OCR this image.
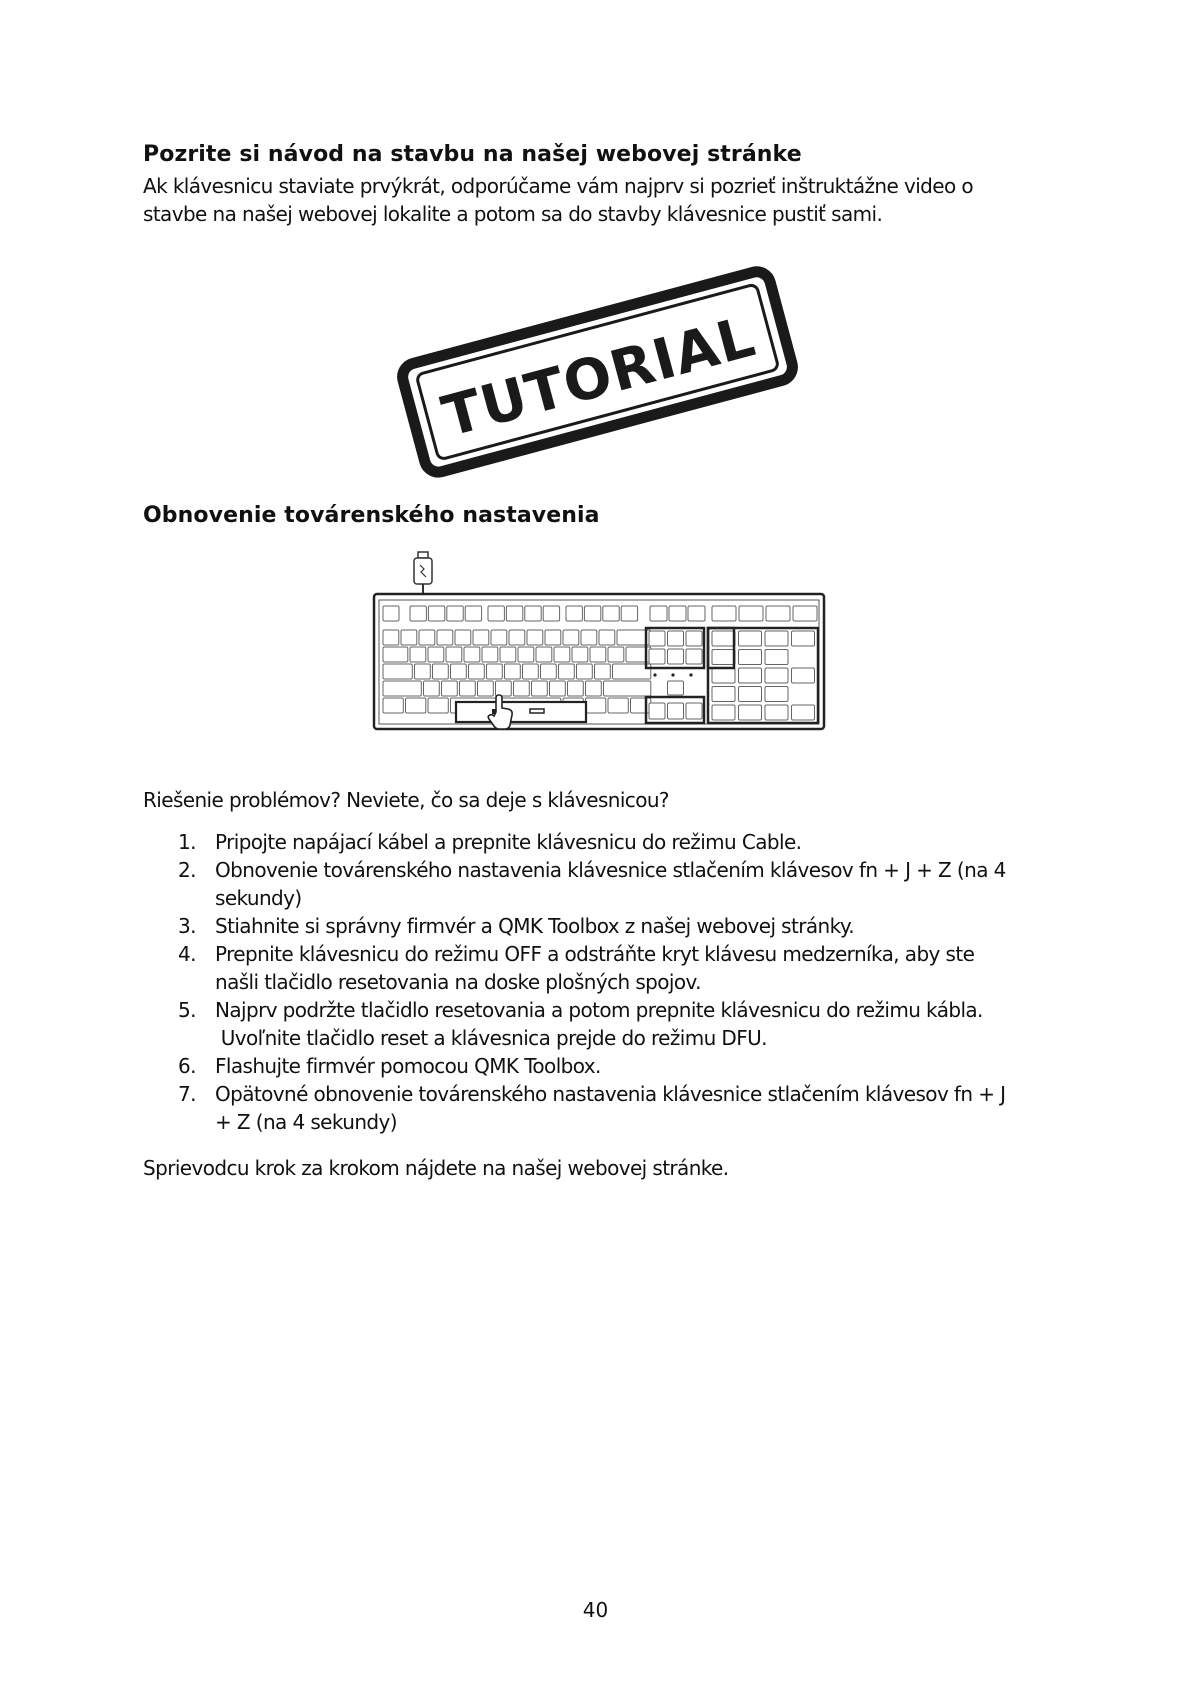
Pozrite si návod na stavbu na našej webovej stránke

Ak klávesnicu staviate prvýkrát, odporúčame vám najprv si pozrieť inštruktážne video o
stavbe na našej webovej lokalite a potom sa do stavby klávesnice pustiť sami.

TUTORIAL
Obnovenie továrenského nastavenia

Riešenie problémov? Neviete, čo sa deje s klávesnicou?

1. Pripojte napájací kábel a prepnite klávesnicu do režimu Cable.
2. Obnovenie továrenského nastavenia klávesnice stlačením klávesov fn + J + Z (na 4
sekundy)
3. Stiahnite si správny firmvér a QMK Toolbox z našej webovej stránky.
4. Prepnite klávesnicu do režimu OFF a odstráňte kryt klávesu medzerníka, aby ste
našli tlačidlo resetovania na doske plošných spojov.
5. Najprv podržte tlačidlo resetovania a potom prepnite klávesnicu do režimu kábla.
Uvoľnite tlačidlo reset a klávesnica prejde do režimu DFU.
6. Flashujte firmvér pomocou QMK Toolbox.
7. Opätovné obnovenie továrenského nastavenia klávesnice stlačením klávesov fn + J
+ Z (na 4 sekundy)

Sprievodcu krok za krokom nájdete na našej webovej stránke.

40
